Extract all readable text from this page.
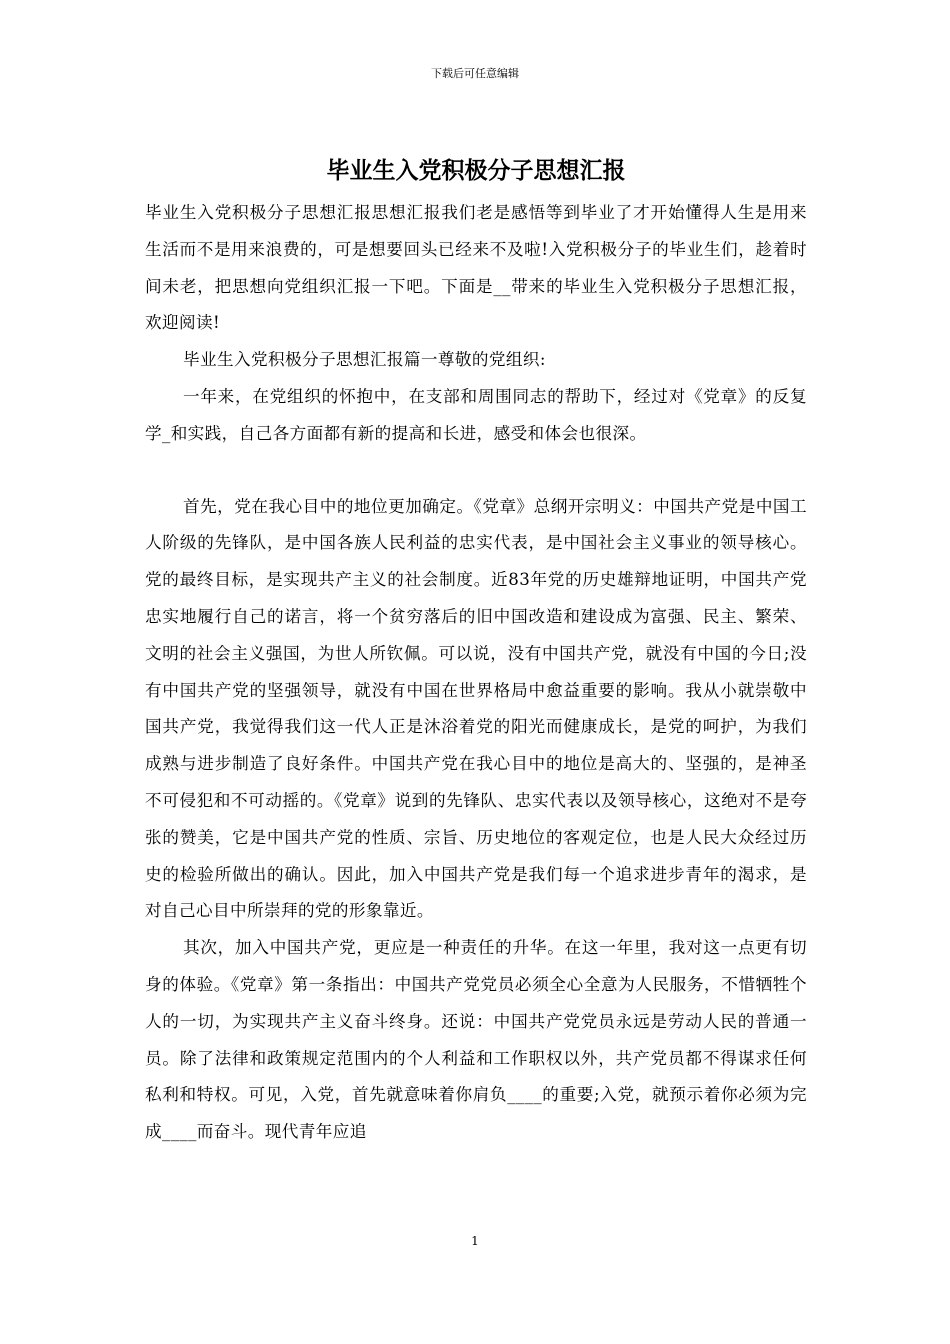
下载后可任意编辑
毕业生入党积极分子思想汇报

毕业生入党积极分子思想汇报思想汇报我们老是感悟等到毕业了才开始懂得人生是用来生活而不是用来浪费的，可是想要回头已经来不及啦!入党积极分子的毕业生们，趁着时间未老，把思想向党组织汇报一下吧。下面是__带来的毕业生入党积极分子思想汇报，欢迎阅读!

毕业生入党积极分子思想汇报篇一尊敬的党组织:

一年来，在党组织的怀抱中，在支部和周围同志的帮助下，经过对《党章》的反复学_和实践，自己各方面都有新的提高和长进，感受和体会也很深。

首先，党在我心目中的地位更加确定。《党章》总纲开宗明义：中国共产党是中国工人阶级的先锋队，是中国各族人民利益的忠实代表，是中国社会主义事业的领导核心。党的最终目标，是实现共产主义的社会制度。近83年党的历史雄辩地证明，中国共产党忠实地履行自己的诺言，将一个贫穷落后的旧中国改造和建设成为富强、民主、繁荣、文明的社会主义强国，为世人所钦佩。可以说，没有中国共产党，就没有中国的今日;没有中国共产党的坚强领导，就没有中国在世界格局中愈益重要的影响。我从小就崇敬中国共产党，我觉得我们这一代人正是沐浴着党的阳光而健康成长，是党的呵护，为我们成熟与进步制造了良好条件。中国共产党在我心目中的地位是高大的、坚强的，是神圣不可侵犯和不可动摇的。《党章》说到的先锋队、忠实代表以及领导核心，这绝对不是夸张的赞美，它是中国共产党的性质、宗旨、历史地位的客观定位，也是人民大众经过历史的检验所做出的确认。因此，加入中国共产党是我们每一个追求进步青年的渴求，是对自己心目中所崇拜的党的形象靠近。

其次，加入中国共产党，更应是一种责任的升华。在这一年里，我对这一点更有切身的体验。《党章》第一条指出：中国共产党党员必须全心全意为人民服务，不惜牺牲个人的一切，为实现共产主义奋斗终身。还说：中国共产党党员永远是劳动人民的普通一员。除了法律和政策规定范围内的个人利益和工作职权以外，共产党员都不得谋求任何私利和特权。可见，入党，首先就意味着你肩负____的重要;入党，就预示着你必须为完成____而奋斗。现代青年应追

1
